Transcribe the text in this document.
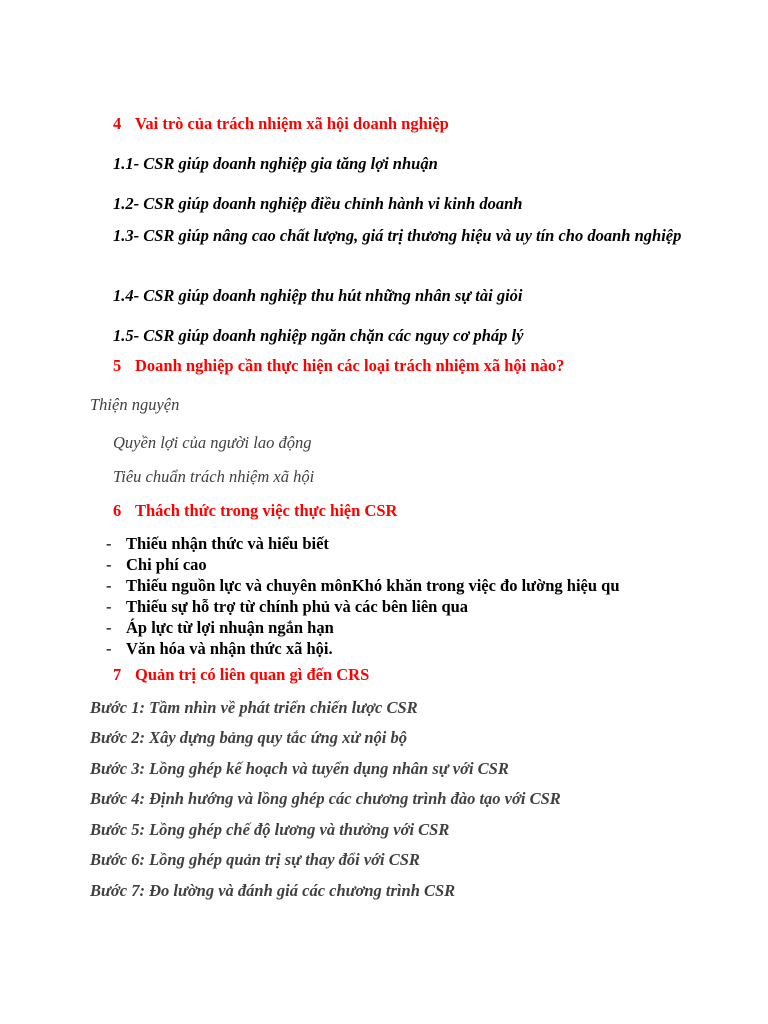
4 Vai trò của trách nhiệm xã hội doanh nghiệp
1.1- CSR giúp doanh nghiệp gia tăng lợi nhuận
1.2- CSR giúp doanh nghiệp điều chỉnh hành vi kinh doanh
1.3- CSR giúp nâng cao chất lượng, giá trị thương hiệu và uy tín cho doanh nghiệp
1.4- CSR giúp doanh nghiệp thu hút những nhân sự tài giỏi
1.5- CSR giúp doanh nghiệp ngăn chặn các nguy cơ pháp lý
5 Doanh nghiệp cần thực hiện các loại trách nhiệm xã hội nào?
Thiện nguyện
Quyền lợi của người lao động
Tiêu chuẩn trách nhiệm xã hội
6 Thách thức trong việc thực hiện CSR
- Thiếu nhận thức và hiểu biết
- Chi phí cao
- Thiếu nguồn lực và chuyên mônKhó khăn trong việc đo lường hiệu qu
- Thiếu sự hỗ trợ từ chính phủ và các bên liên qua
- Áp lực từ lợi nhuận ngắn hạn
- Văn hóa và nhận thức xã hội.
7 Quản trị có liên quan gì đến CRS
Bước 1: Tầm nhìn về phát triển chiến lược CSR
Bước 2: Xây dựng bảng quy tắc ứng xử nội bộ
Bước 3: Lồng ghép kế hoạch và tuyển dụng nhân sự với CSR
Bước 4: Định hướng và lồng ghép các chương trình đào tạo với CSR
Bước 5: Lồng ghép chế độ lương và thưởng với CSR
Bước 6: Lồng ghép quản trị sự thay đổi với CSR
Bước 7: Đo lường và đánh giá các chương trình CSR
